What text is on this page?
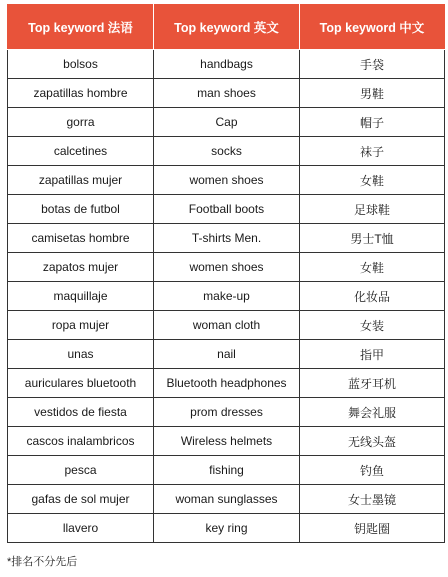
Top keyword 法语	Top keyword 英文	Top keyword 中文
bolsos	handbags	手袋
zapatillas hombre	man shoes	男鞋
gorra	Cap	帽子
calcetines	socks	袜子
zapatillas mujer	women shoes	女鞋
botas de futbol	Football boots	足球鞋
camisetas hombre	T-shirts Men.	男士T恤
zapatos mujer	women shoes	女鞋
maquillaje	make-up	化妆品
ropa mujer	woman cloth	女装
unas	nail	指甲
auriculares bluetooth	Bluetooth headphones	蓝牙耳机
vestidos de fiesta	prom dresses	舞会礼服
cascos inalambricos	Wireless helmets	无线头盔
pesca	fishing	钓鱼
gafas de sol mujer	woman sunglasses	女士墨镜
llavero	key ring	钥匙圈
*排名不分先后
